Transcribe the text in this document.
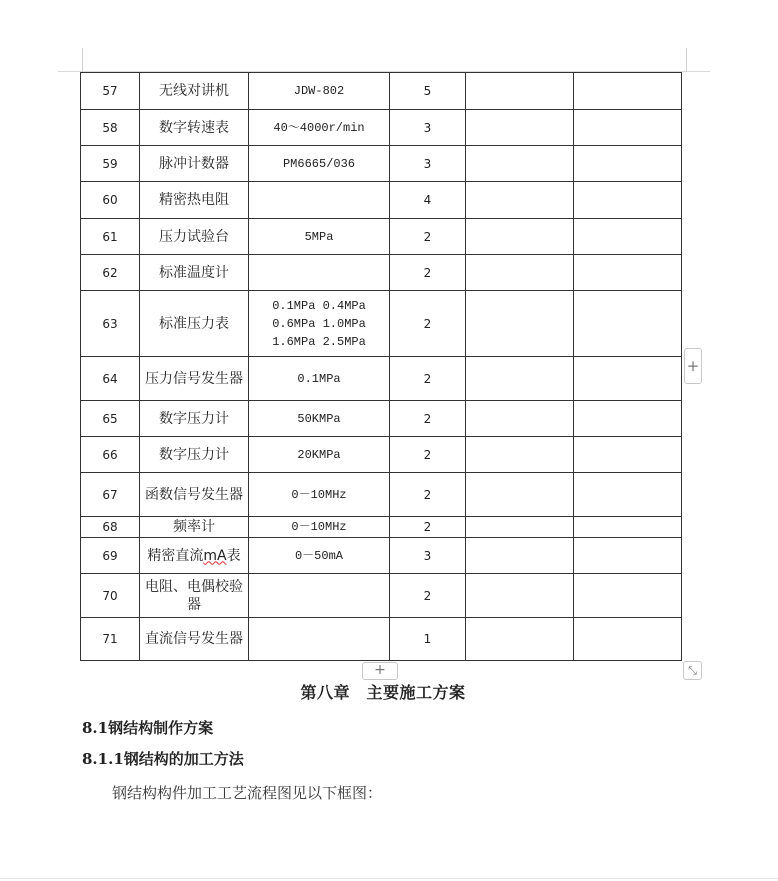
57	无线对讲机	JDW-802	5		
58	数字转速表	40～4000r/min	3		
59	脉冲计数器	PM6665/036	3		
60	精密热电阻		4		
61	压力试验台	5MPa	2		
62	标准温度计		2		
63	标准压力表	0.1MPa 0.4MPa
0.6MPa 1.0MPa
1.6MPa 2.5MPa	2		
64	压力信号发生器	0.1MPa	2		
65	数字压力计	50KMPa	2		
66	数字压力计	20KMPa	2		
67	函数信号发生器	0－10MHz	2		
68	频率计	0－10MHz	2		
69	精密直流mA表	0－50mA	3		
70	电阻、电偶校验器		2		
71	直流信号发生器		1		
+
+	⤡
第八章　主要施工方案
8.1钢结构制作方案
8.1.1钢结构的加工方法
钢结构构件加工工艺流程图见以下框图：
